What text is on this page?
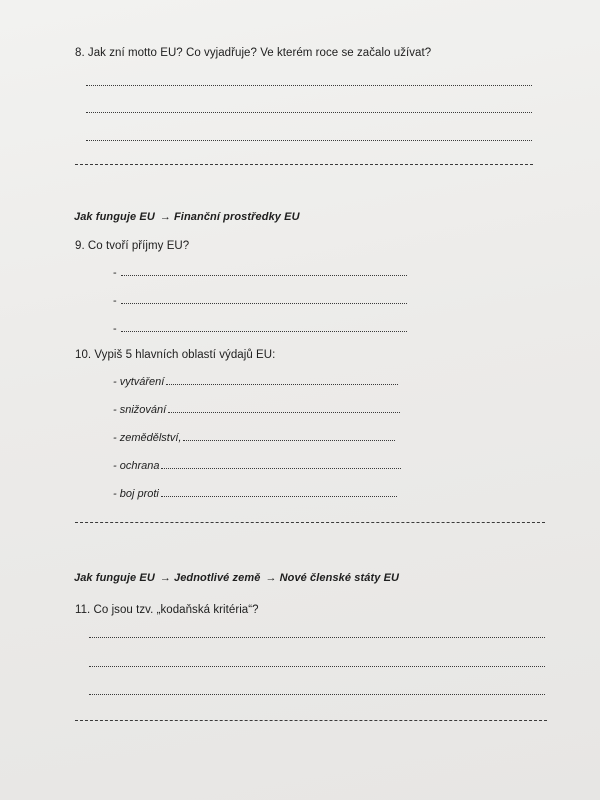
8. Jak zní motto EU? Co vyjadřuje? Ve kterém roce se začalo užívat?
Jak funguje EU → Finanční prostředky EU
9. Co tvoří příjmy EU?
-
-
-
10. Vypiš 5 hlavních oblastí výdajů EU:
- vytváření
- snižování
- zemědělství,
- ochrana
- boj proti
Jak funguje EU → Jednotlivé země → Nové členské státy EU
11. Co jsou tzv. „kodaňská kritéria“?
